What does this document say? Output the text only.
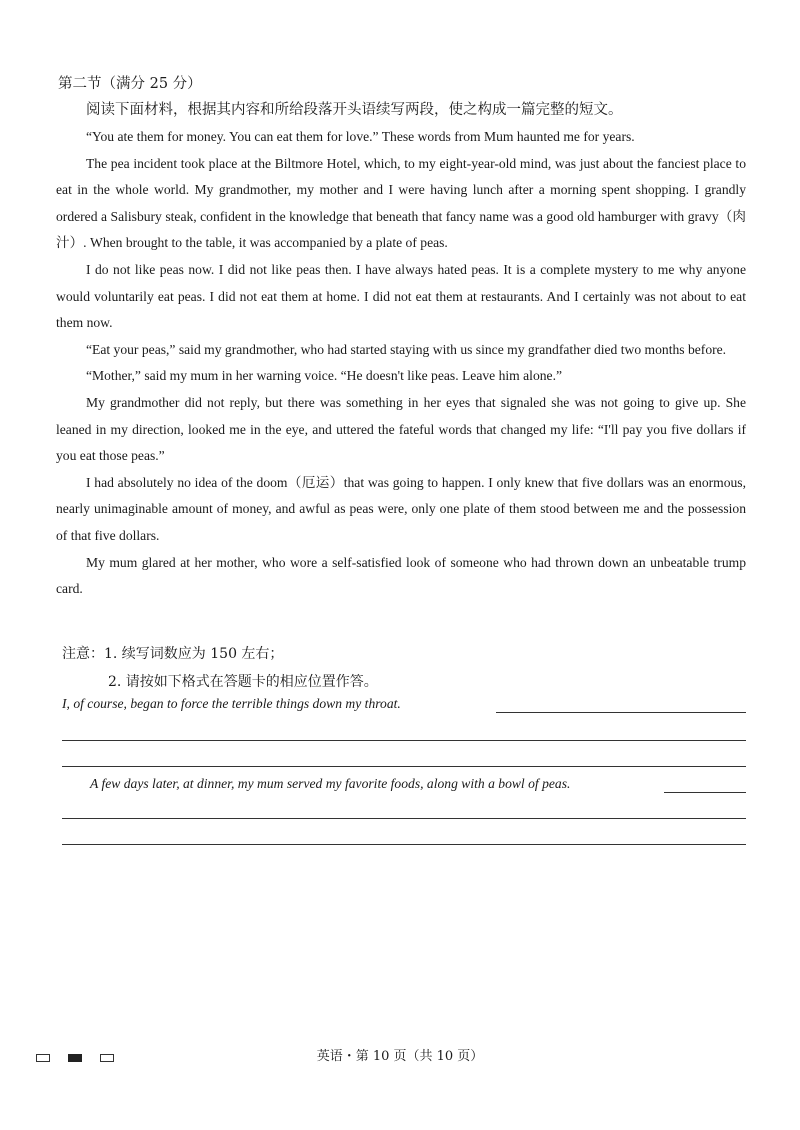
第二节（满分 25 分）
阅读下面材料，根据其内容和所给段落开头语续写两段，使之构成一篇完整的短文。

“You ate them for money. You can eat them for love.” These words from Mum haunted me for years.

The pea incident took place at the Biltmore Hotel, which, to my eight-year-old mind, was just about the fanciest place to eat in the whole world. My grandmother, my mother and I were having lunch after a morning spent shopping. I grandly ordered a Salisbury steak, confident in the knowledge that beneath that fancy name was a good old hamburger with gravy（肉汁）. When brought to the table, it was accompanied by a plate of peas.

I do not like peas now. I did not like peas then. I have always hated peas. It is a complete mystery to me why anyone would voluntarily eat peas. I did not eat them at home. I did not eat them at restaurants. And I certainly was not about to eat them now.

“Eat your peas,” said my grandmother, who had started staying with us since my grandfather died two months before.

“Mother,” said my mum in her warning voice. “He doesn't like peas. Leave him alone.”

My grandmother did not reply, but there was something in her eyes that signaled she was not going to give up. She leaned in my direction, looked me in the eye, and uttered the fateful words that changed my life: “I'll pay you five dollars if you eat those peas.”

I had absolutely no idea of the doom（厄运）that was going to happen. I only knew that five dollars was an enormous, nearly unimaginable amount of money, and awful as peas were, only one plate of them stood between me and the possession of that five dollars.

My mum glared at her mother, who wore a self-satisfied look of someone who had thrown down an unbeatable trump card.

注意：1. 续写词数应为 150 左右；
2. 请按如下格式在答题卡的相应位置作答。
I, of course, began to force the terrible things down my throat.
A few days later, at dinner, my mum served my favorite foods, along with a bowl of peas.
英语・第 10 页（共 10 页）
